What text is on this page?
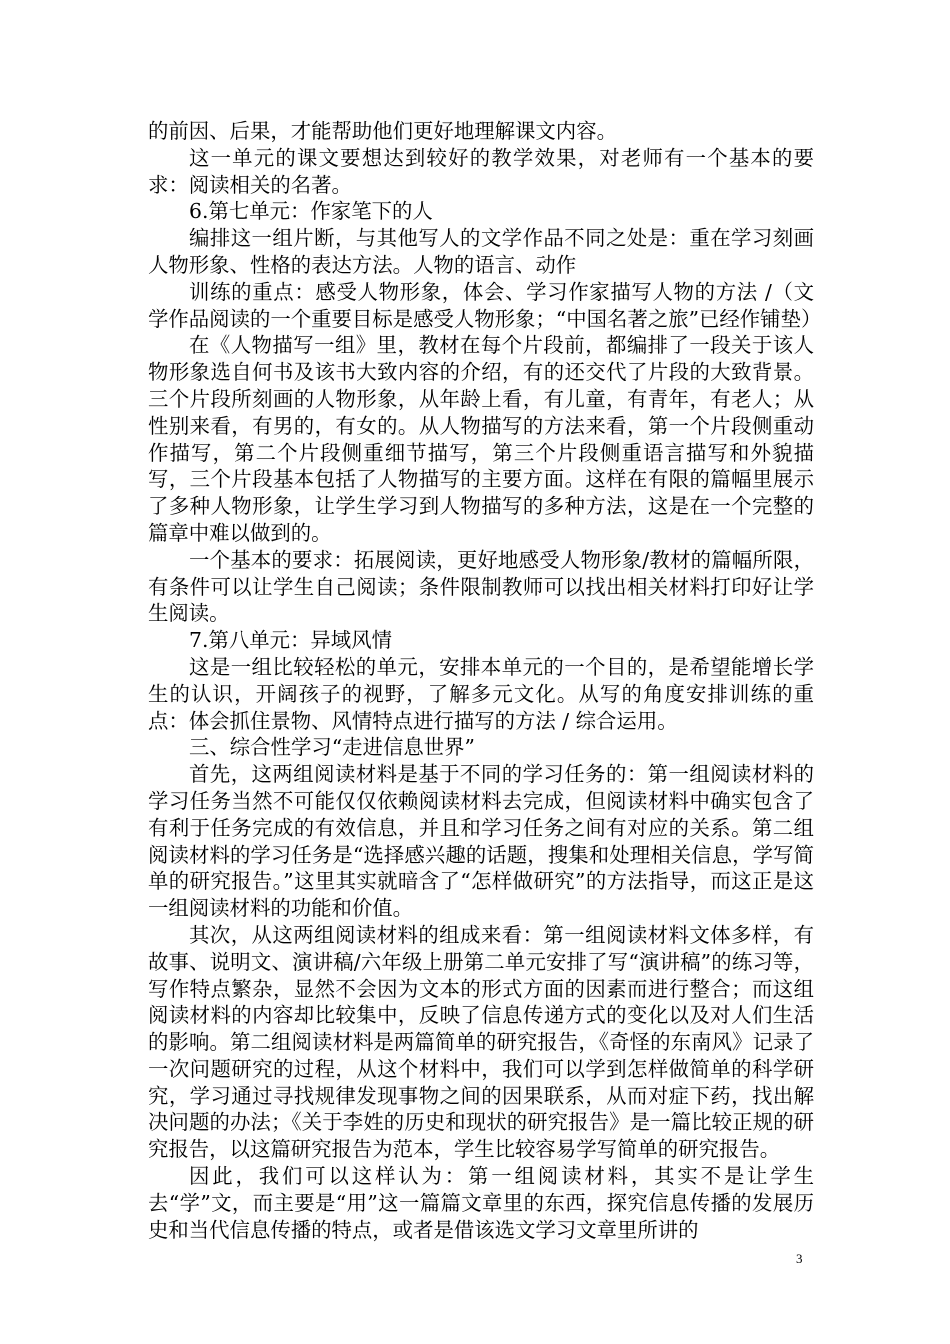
的前因、后果，才能帮助他们更好地理解课文内容。

这一单元的课文要想达到较好的教学效果，对老师有一个基本的要求：阅读相关的名著。

6.第七单元：作家笔下的人

编排这一组片断，与其他写人的文学作品不同之处是：重在学习刻画人物形象、性格的表达方法。人物的语言、动作

训练的重点：感受人物形象，体会、学习作家描写人物的方法 /（文学作品阅读的一个重要目标是感受人物形象；“中国名著之旅”已经作铺垫）

在《人物描写一组》里，教材在每个片段前，都编排了一段关于该人物形象选自何书及该书大致内容的介绍，有的还交代了片段的大致背景。三个片段所刻画的人物形象，从年龄上看，有儿童，有青年，有老人；从性别来看，有男的，有女的。从人物描写的方法来看，第一个片段侧重动作描写，第二个片段侧重细节描写，第三个片段侧重语言描写和外貌描写，三个片段基本包括了人物描写的主要方面。这样在有限的篇幅里展示了多种人物形象，让学生学习到人物描写的多种方法，这是在一个完整的篇章中难以做到的。

一个基本的要求：拓展阅读，更好地感受人物形象/教材的篇幅所限，有条件可以让学生自己阅读；条件限制教师可以找出相关材料打印好让学生阅读。

7.第八单元：异域风情

这是一组比较轻松的单元，安排本单元的一个目的，是希望能增长学生的认识，开阔孩子的视野，了解多元文化。从写的角度安排训练的重点：体会抓住景物、风情特点进行描写的方法 / 综合运用。

三、综合性学习“走进信息世界”

首先，这两组阅读材料是基于不同的学习任务的：第一组阅读材料的学习任务当然不可能仅仅依赖阅读材料去完成，但阅读材料中确实包含了有利于任务完成的有效信息，并且和学习任务之间有对应的关系。第二组阅读材料的学习任务是“选择感兴趣的话题，搜集和处理相关信息，学写简单的研究报告。”这里其实就暗含了“怎样做研究”的方法指导，而这正是这一组阅读材料的功能和价值。

其次，从这两组阅读材料的组成来看：第一组阅读材料文体多样，有故事、说明文、演讲稿/六年级上册第二单元安排了写“演讲稿”的练习等，写作特点繁杂，显然不会因为文本的形式方面的因素而进行整合；而这组阅读材料的内容却比较集中，反映了信息传递方式的变化以及对人们生活的影响。第二组阅读材料是两篇简单的研究报告，《奇怪的东南风》记录了一次问题研究的过程，从这个材料中，我们可以学到怎样做简单的科学研究，学习通过寻找规律发现事物之间的因果联系，从而对症下药，找出解决问题的办法；《关于李姓的历史和现状的研究报告》是一篇比较正规的研究报告，以这篇研究报告为范本，学生比较容易学写简单的研究报告。

因此，我们可以这样认为：第一组阅读材料，其实不是让学生去“学”文，而主要是“用”这一篇篇文章里的东西，探究信息传播的发展历史和当代信息传播的特点，或者是借该选文学习文章里所讲的

3
